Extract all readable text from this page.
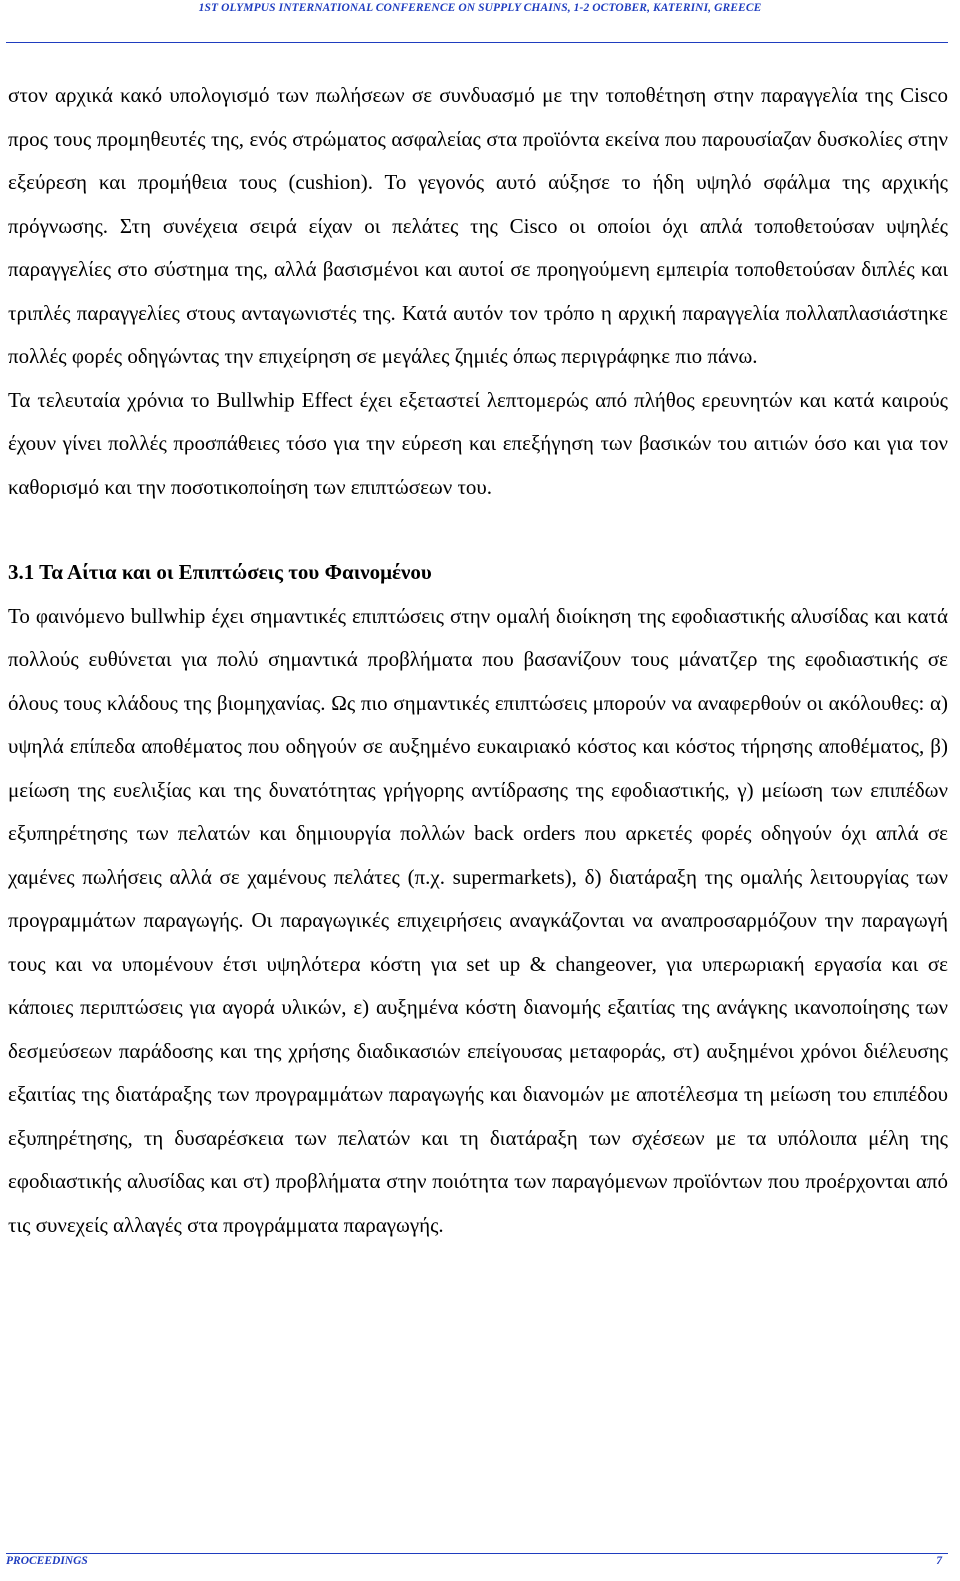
1ST OLYMPUS INTERNATIONAL CONFERENCE ON SUPPLY CHAINS, 1-2 OCTOBER, KATERINI, GREECE

στον αρχικά κακό υπολογισμό των πωλήσεων σε συνδυασμό με την τοποθέτηση στην παραγγελία της Cisco προς τους προμηθευτές της, ενός στρώματος ασφαλείας στα προϊόντα εκείνα που παρουσίαζαν δυσκολίες στην εξεύρεση και προμήθεια τους (cushion). Το γεγονός αυτό αύξησε το ήδη υψηλό σφάλμα της αρχικής πρόγνωσης. Στη συνέχεια σειρά είχαν οι πελάτες της Cisco οι οποίοι όχι απλά τοποθετούσαν υψηλές παραγγελίες στο σύστημα της, αλλά βασισμένοι και αυτοί σε προηγούμενη εμπειρία τοποθετούσαν διπλές και τριπλές παραγγελίες στους ανταγωνιστές της. Κατά αυτόν τον τρόπο η αρχική παραγγελία πολλαπλασιάστηκε πολλές φορές οδηγώντας την επιχείρηση σε μεγάλες ζημιές όπως περιγράφηκε πιο πάνω.

Τα τελευταία χρόνια το Bullwhip Effect έχει εξεταστεί λεπτομερώς από πλήθος ερευνητών και κατά καιρούς έχουν γίνει πολλές προσπάθειες τόσο για την εύρεση και επεξήγηση των βασικών του αιτιών όσο και για τον καθορισμό και την ποσοτικοποίηση των επιπτώσεων του.

3.1 Τα Αίτια και οι Επιπτώσεις του Φαινομένου

Το φαινόμενο bullwhip έχει σημαντικές επιπτώσεις στην ομαλή διοίκηση της εφοδιαστικής αλυσίδας και κατά πολλούς ευθύνεται για πολύ σημαντικά προβλήματα που βασανίζουν τους μάνατζερ της εφοδιαστικής σε όλους τους κλάδους της βιομηχανίας. Ως πιο σημαντικές επιπτώσεις μπορούν να αναφερθούν οι ακόλουθες: α) υψηλά επίπεδα αποθέματος που οδηγούν σε αυξημένο ευκαιριακό κόστος και κόστος τήρησης αποθέματος, β) μείωση της ευελιξίας και της δυνατότητας γρήγορης αντίδρασης της εφοδιαστικής, γ) μείωση των επιπέδων εξυπηρέτησης των πελατών και δημιουργία πολλών back orders που αρκετές φορές οδηγούν όχι απλά σε χαμένες πωλήσεις αλλά σε χαμένους πελάτες (π.χ. supermarkets), δ) διατάραξη της ομαλής λειτουργίας των προγραμμάτων παραγωγής. Οι παραγωγικές επιχειρήσεις αναγκάζονται να αναπροσαρμόζουν την παραγωγή τους και να υπομένουν έτσι υψηλότερα κόστη για set up & changeover, για υπερωριακή εργασία και σε κάποιες περιπτώσεις για αγορά υλικών, ε) αυξημένα κόστη διανομής εξαιτίας της ανάγκης ικανοποίησης των δεσμεύσεων παράδοσης και της χρήσης διαδικασιών επείγουσας μεταφοράς, στ) αυξημένοι χρόνοι διέλευσης εξαιτίας της διατάραξης των προγραμμάτων παραγωγής και διανομών με αποτέλεσμα τη μείωση του επιπέδου εξυπηρέτησης, τη δυσαρέσκεια των πελατών και τη διατάραξη των σχέσεων με τα υπόλοιπα μέλη της εφοδιαστικής αλυσίδας και στ) προβλήματα στην ποιότητα των παραγόμενων προϊόντων που προέρχονται από τις συνεχείς αλλαγές στα προγράμματα παραγωγής.

PROCEEDINGS	7
